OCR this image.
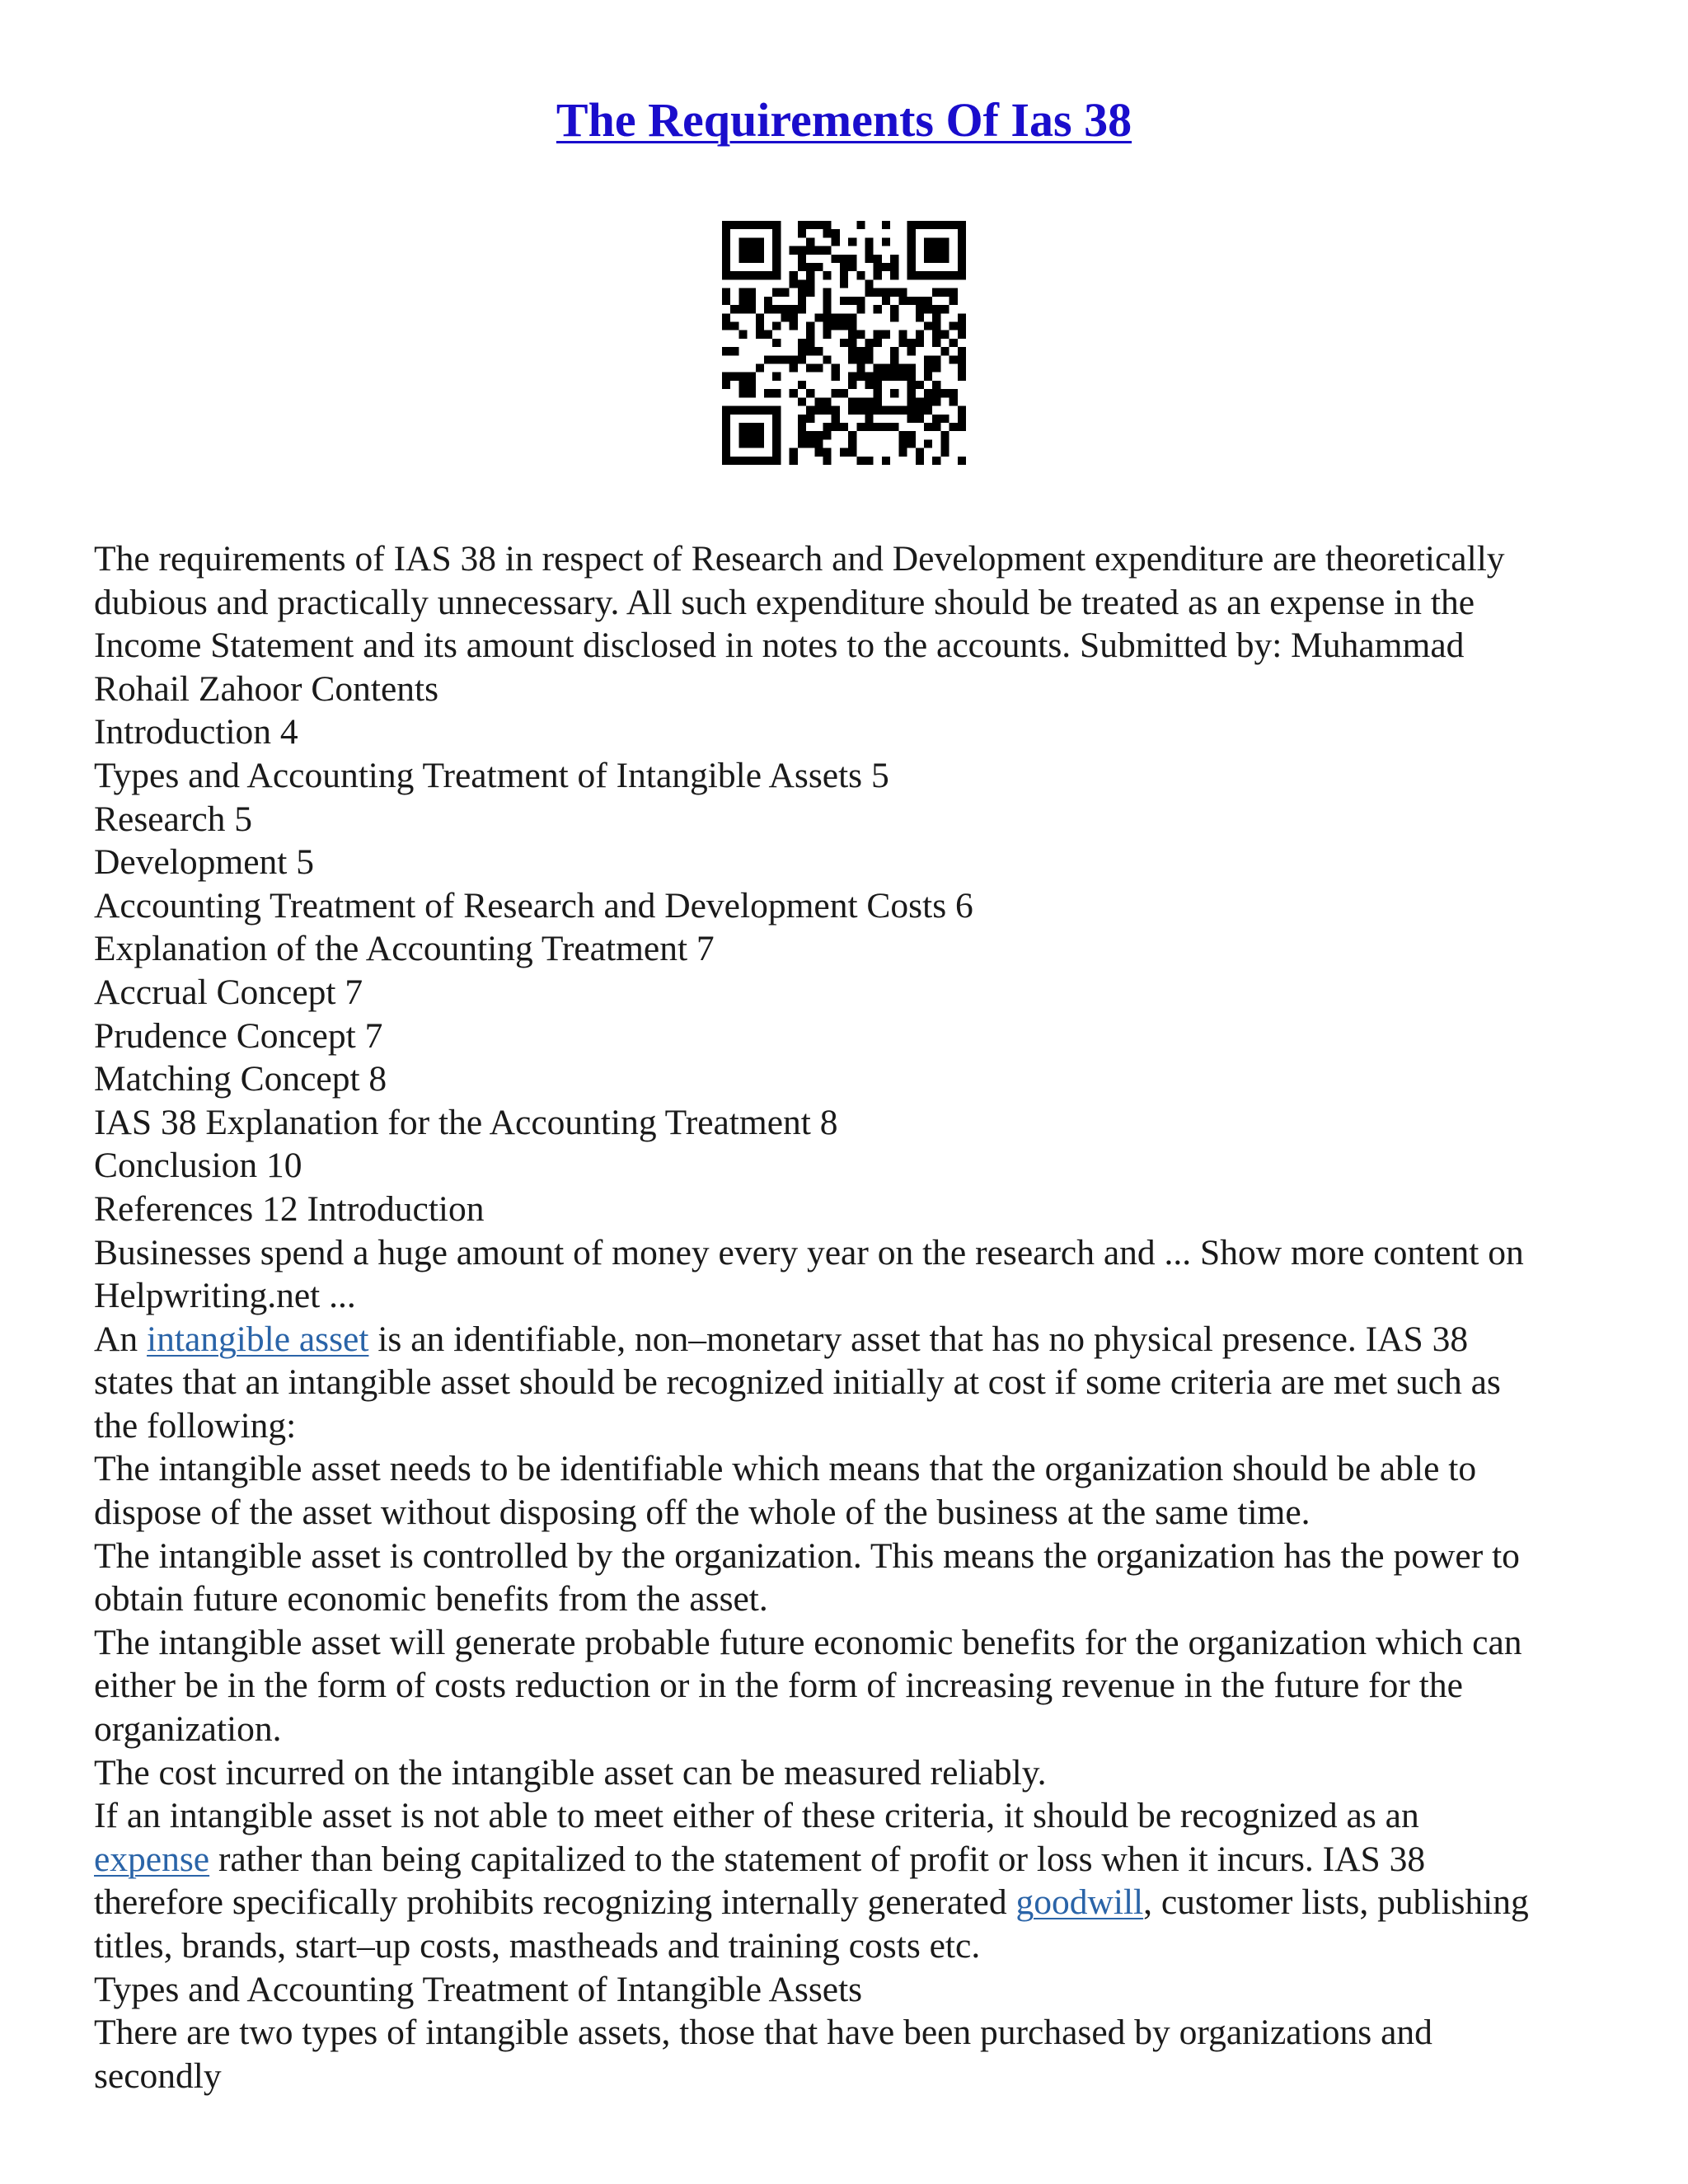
The Requirements Of Ias 38
The requirements of IAS 38 in respect of Research and Development expenditure are theoretically
dubious and practically unnecessary. All such expenditure should be treated as an expense in the
Income Statement and its amount disclosed in notes to the accounts. Submitted by: Muhammad
Rohail Zahoor Contents
Introduction 4
Types and Accounting Treatment of Intangible Assets 5
Research 5
Development 5
Accounting Treatment of Research and Development Costs 6
Explanation of the Accounting Treatment 7
Accrual Concept 7
Prudence Concept 7
Matching Concept 8
IAS 38 Explanation for the Accounting Treatment 8
Conclusion 10
References 12 Introduction
Businesses spend a huge amount of money every year on the research and ... Show more content on
Helpwriting.net ...
An intangible asset is an identifiable, non–monetary asset that has no physical presence. IAS 38
states that an intangible asset should be recognized initially at cost if some criteria are met such as
the following:
The intangible asset needs to be identifiable which means that the organization should be able to
dispose of the asset without disposing off the whole of the business at the same time.
The intangible asset is controlled by the organization. This means the organization has the power to
obtain future economic benefits from the asset.
The intangible asset will generate probable future economic benefits for the organization which can
either be in the form of costs reduction or in the form of increasing revenue in the future for the
organization.
The cost incurred on the intangible asset can be measured reliably.
If an intangible asset is not able to meet either of these criteria, it should be recognized as an
expense rather than being capitalized to the statement of profit or loss when it incurs. IAS 38
therefore specifically prohibits recognizing internally generated goodwill, customer lists, publishing
titles, brands, start–up costs, mastheads and training costs etc.
Types and Accounting Treatment of Intangible Assets
There are two types of intangible assets, those that have been purchased by organizations and
secondly
